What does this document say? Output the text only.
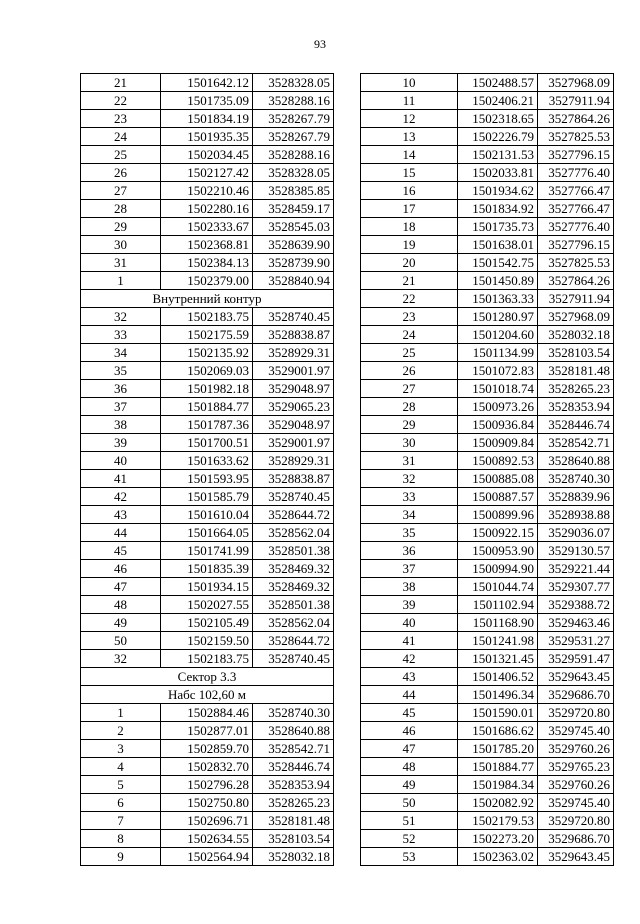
93
21	1501642.12	3528328.05
22	1501735.09	3528288.16
23	1501834.19	3528267.79
24	1501935.35	3528267.79
25	1502034.45	3528288.16
26	1502127.42	3528328.05
27	1502210.46	3528385.85
28	1502280.16	3528459.17
29	1502333.67	3528545.03
30	1502368.81	3528639.90
31	1502384.13	3528739.90
1	1502379.00	3528840.94
Внутренний контур		
32	1502183.75	3528740.45
33	1502175.59	3528838.87
34	1502135.92	3528929.31
35	1502069.03	3529001.97
36	1501982.18	3529048.97
37	1501884.77	3529065.23
38	1501787.36	3529048.97
39	1501700.51	3529001.97
40	1501633.62	3528929.31
41	1501593.95	3528838.87
42	1501585.79	3528740.45
43	1501610.04	3528644.72
44	1501664.05	3528562.04
45	1501741.99	3528501.38
46	1501835.39	3528469.32
47	1501934.15	3528469.32
48	1502027.55	3528501.38
49	1502105.49	3528562.04
50	1502159.50	3528644.72
32	1502183.75	3528740.45
Сектор 3.3		
Набс 102,60 м		
1	1502884.46	3528740.30
2	1502877.01	3528640.88
3	1502859.70	3528542.71
4	1502832.70	3528446.74
5	1502796.28	3528353.94
6	1502750.80	3528265.23
7	1502696.71	3528181.48
8	1502634.55	3528103.54
9	1502564.94	3528032.18
10	1502488.57	3527968.09
11	1502406.21	3527911.94
12	1502318.65	3527864.26
13	1502226.79	3527825.53
14	1502131.53	3527796.15
15	1502033.81	3527776.40
16	1501934.62	3527766.47
17	1501834.92	3527766.47
18	1501735.73	3527776.40
19	1501638.01	3527796.15
20	1501542.75	3527825.53
21	1501450.89	3527864.26
22	1501363.33	3527911.94
23	1501280.97	3527968.09
24	1501204.60	3528032.18
25	1501134.99	3528103.54
26	1501072.83	3528181.48
27	1501018.74	3528265.23
28	1500973.26	3528353.94
29	1500936.84	3528446.74
30	1500909.84	3528542.71
31	1500892.53	3528640.88
32	1500885.08	3528740.30
33	1500887.57	3528839.96
34	1500899.96	3528938.88
35	1500922.15	3529036.07
36	1500953.90	3529130.57
37	1500994.90	3529221.44
38	1501044.74	3529307.77
39	1501102.94	3529388.72
40	1501168.90	3529463.46
41	1501241.98	3529531.27
42	1501321.45	3529591.47
43	1501406.52	3529643.45
44	1501496.34	3529686.70
45	1501590.01	3529720.80
46	1501686.62	3529745.40
47	1501785.20	3529760.26
48	1501884.77	3529765.23
49	1501984.34	3529760.26
50	1502082.92	3529745.40
51	1502179.53	3529720.80
52	1502273.20	3529686.70
53	1502363.02	3529643.45
